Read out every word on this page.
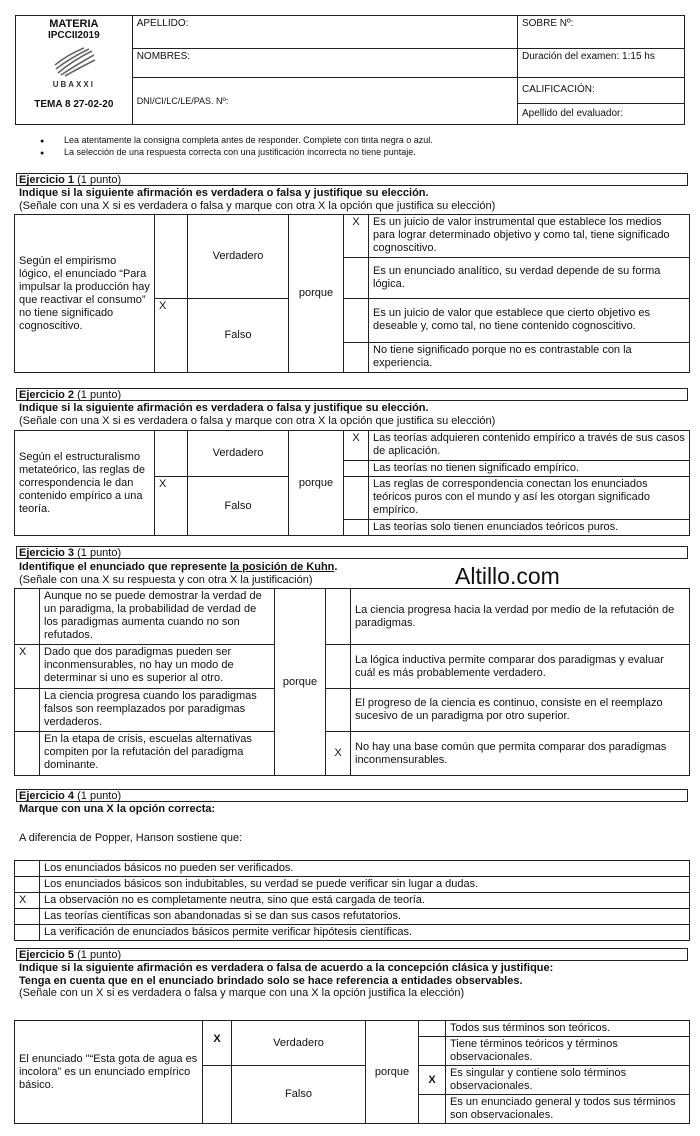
MATERIA
IPCCII2019
UBAXXI
TEMA 8 27-02-20	APELLIDO:	SOBRE Nº:
	NOMBRES:	Duración del examen: 1:15 hs
	DNI/CI/LC/LE/PAS. Nº:	CALIFICACIÓN:
Apellido del evaluador:
● Lea atentamente la consigna completa antes de responder. Complete con tinta negra o azul.
● La selección de una respuesta correcta con una justificación incorrecta no tiene puntaje.
Ejercicio 1 (1 punto)
Indique si la siguiente afirmación es verdadera o falsa y justifique su elección.
(Señale con una X si es verdadera o falsa y marque con otra X la opción que justifica su elección)
Según el empirismo lógico, el enunciado “Para impulsar la producción hay que reactivar el consumo” no tiene significado cognoscitivo.		Verdadero	porque	X	Es un juicio de valor instrumental que establece los medios para lograr determinado objetivo y como tal, tiene significado cognoscitivo.
					Es un enunciado analítico, su verdad depende de su forma lógica.
	X	Falso			Es un juicio de valor que establece que cierto objetivo es deseable y, como tal, no tiene contenido cognoscitivo.
					No tiene significado porque no es contrastable con la experiencia.
Ejercicio 2 (1 punto)
Indique si la siguiente afirmación es verdadera o falsa y justifique su elección.
(Señale con una X si es verdadera o falsa y marque con otra X la opción que justifica su elección)
Según el estructuralismo metateórico, las reglas de correspondencia le dan contenido empírico a una teoría.		Verdadero	porque	X	Las teorías adquieren contenido empírico a través de sus casos de aplicación.
					Las teorías no tienen significado empírico.
	X	Falso			Las reglas de correspondencia conectan los enunciados teóricos puros con el mundo y así les otorgan significado empírico.
					Las teorías solo tienen enunciados teóricos puros.
Ejercicio 3 (1 punto)
Identifique el enunciado que represente la posición de Kuhn.
(Señale con una X su respuesta y con otra X la justificación)	Altillo.com
	Aunque no se puede demostrar la verdad de un paradigma, la probabilidad de verdad de los paradigmas aumenta cuando no son refutados.	porque		La ciencia progresa hacia la verdad por medio de la refutación de paradigmas.
X	Dado que dos paradigmas pueden ser inconmensurables, no hay un modo de determinar si uno es superior al otro.			La lógica inductiva permite comparar dos paradigmas y evaluar cuál es más probablemente verdadero.
	La ciencia progresa cuando los paradigmas falsos son reemplazados por paradigmas verdaderos.			El progreso de la ciencia es continuo, consiste en el reemplazo sucesivo de un paradigma por otro superior.
	En la etapa de crisis, escuelas alternativas compiten por la refutación del paradigma dominante.		X	No hay una base común que permita comparar dos paradigmas inconmensurables.
Ejercicio 4 (1 punto)
Marque con una X la opción correcta:
A diferencia de Popper, Hanson sostiene que:
	Los enunciados básicos no pueden ser verificados.
	Los enunciados básicos son indubitables, su verdad se puede verificar sin lugar a dudas.
X	La observación no es completamente neutra, sino que está cargada de teoría.
	Las teorías científicas son abandonadas si se dan sus casos refutatorios.
	La verificación de enunciados básicos permite verificar hipótesis científicas.
Ejercicio 5 (1 punto)
Indique si la siguiente afirmación es verdadera o falsa de acuerdo a la concepción clásica y justifique:
Tenga en cuenta que en el enunciado brindado solo se hace referencia a entidades observables.
(Señale con un X si es verdadera o falsa y marque con una X la opción justifica la elección)
El enunciado "“Esta gota de agua es incolora” es un enunciado empírico básico.	X	Verdadero	porque		Todos sus términos son teóricos.
					Tiene términos teóricos y términos observacionales.
		Falso		X	Es singular y contiene solo términos observacionales.
					Es un enunciado general y todos sus términos son observacionales.
